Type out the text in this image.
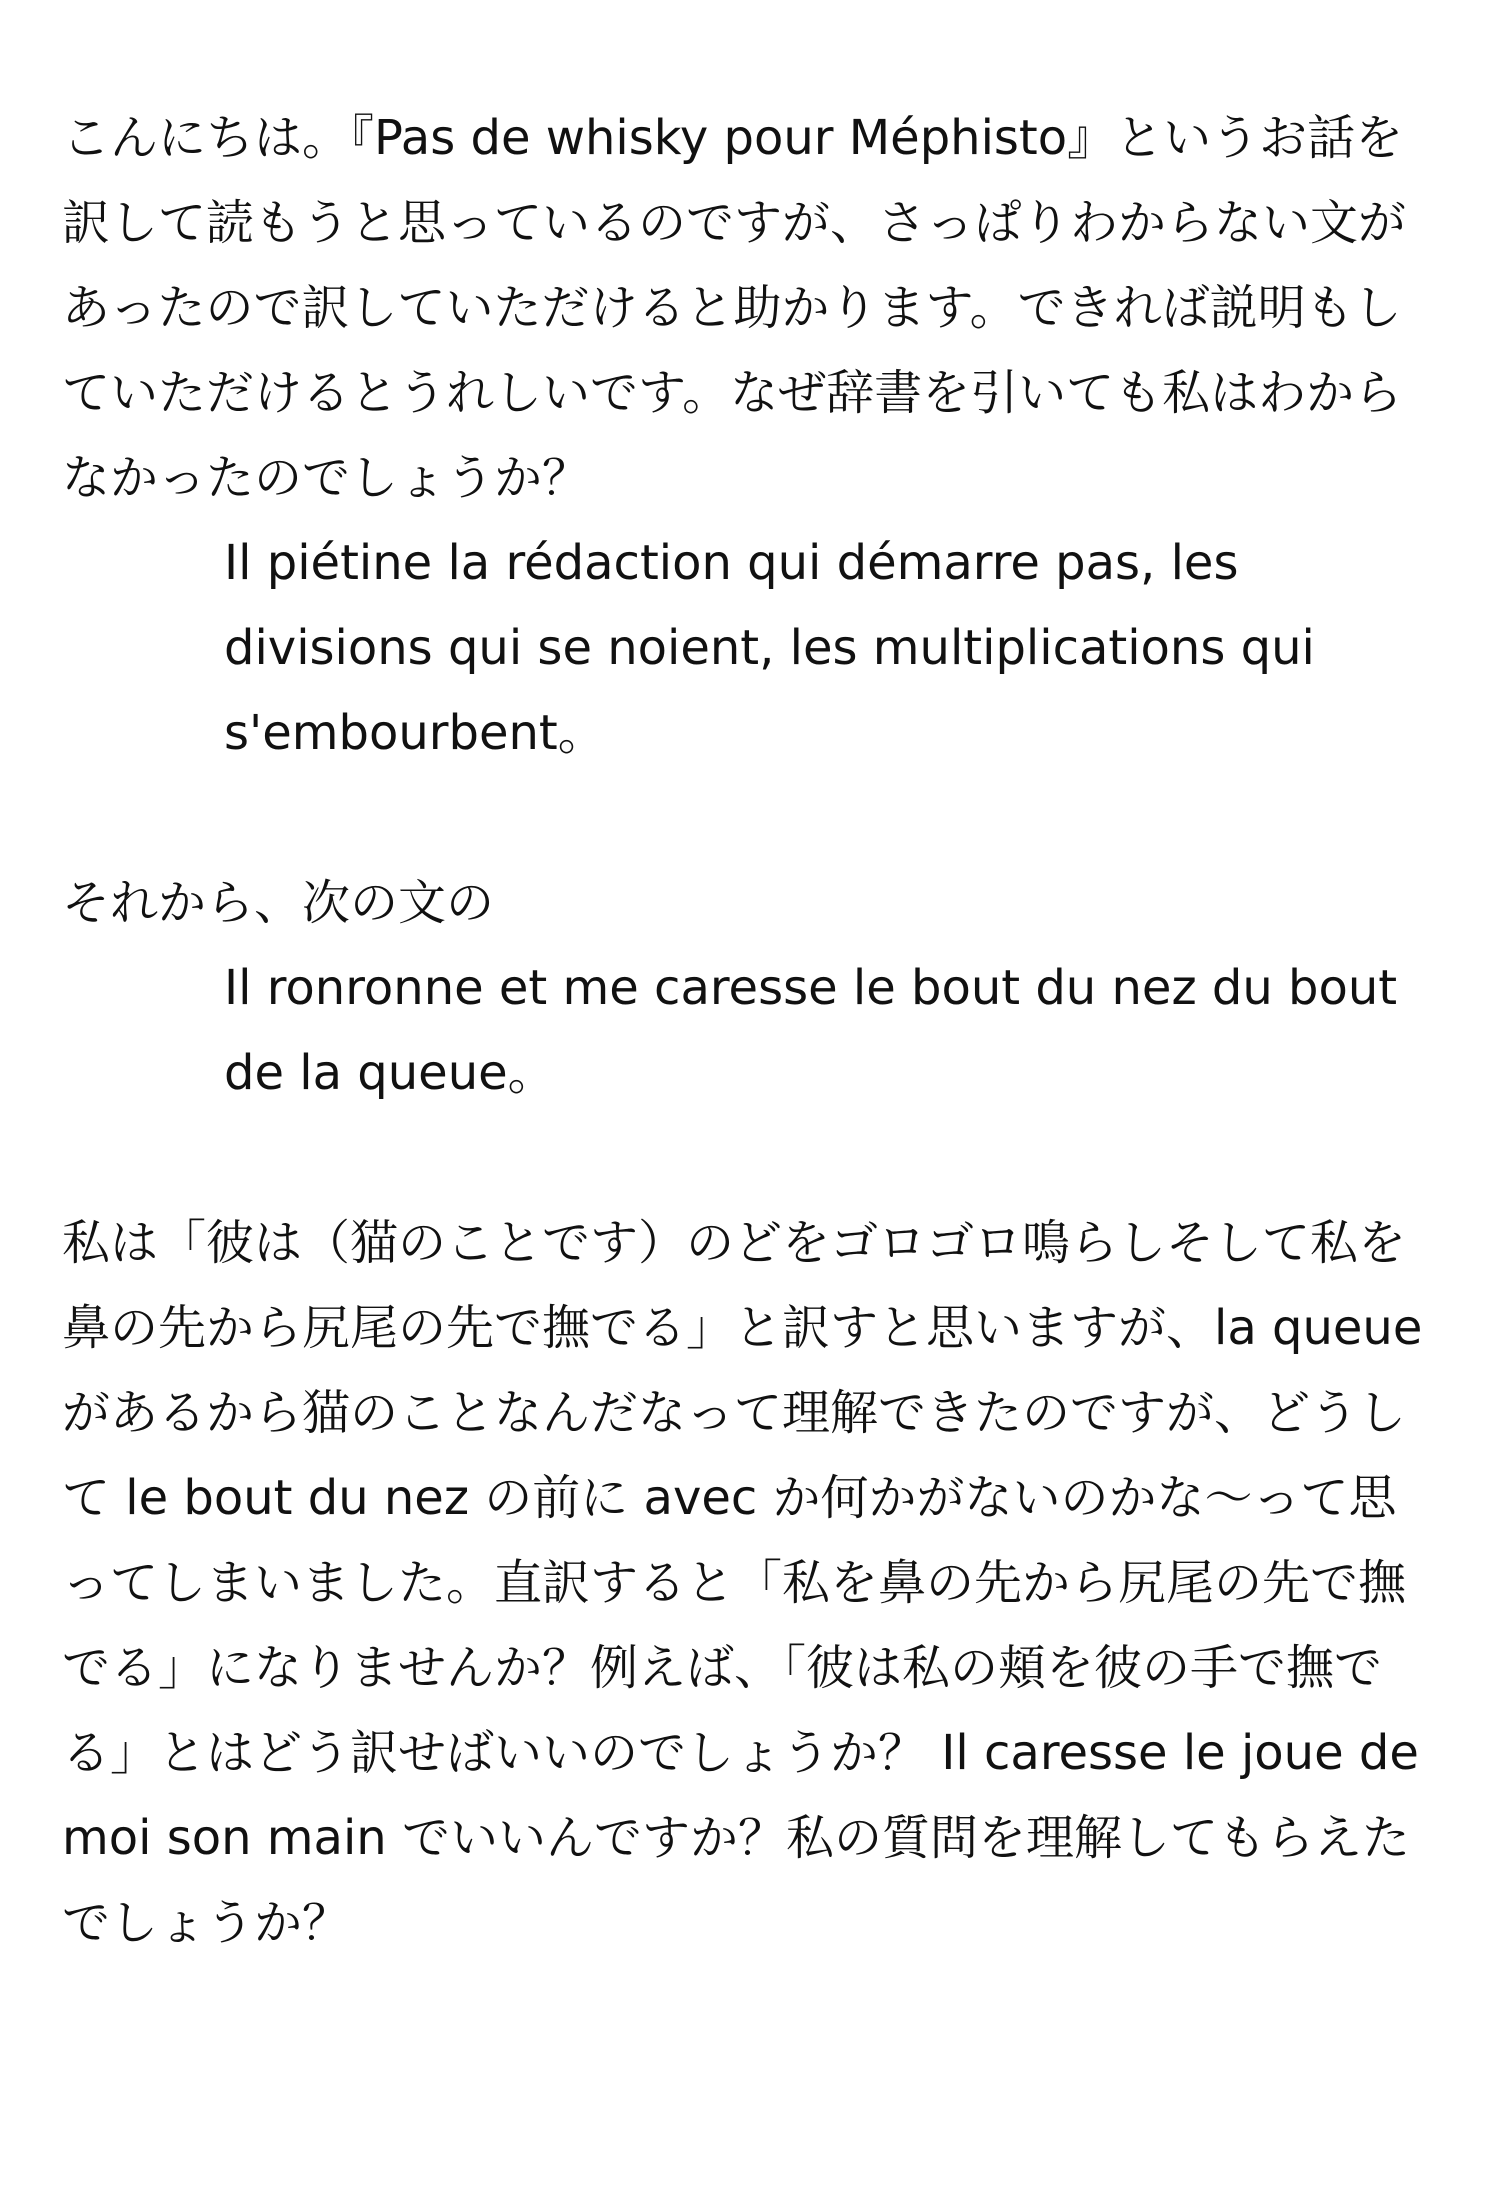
こんにちは。『Pas de whisky pour Méphisto』というお話を訳して読もうと思っているのですが、さっぱりわからない文があったので訳していただけると助かります。できれば説明もしていただけるとうれしいです。なぜ辞書を引いても私はわからなかったのでしょうか？

Il piétine la rédaction qui démarre pas, les divisions qui se noient, les multiplications qui s'embourbent。

それから、次の文の

Il ronronne et me caresse le bout du nez du bout de la queue。

私は「彼は（猫のことです）のどをゴロゴロ鳴らしそして私を鼻の先から尻尾の先で撫でる」と訳すと思いますが、la queue があるから猫のことなんだなって理解できたのですが、どうして le bout du nez の前に avec か何かがないのかな～って思ってしまいました。直訳すると「私を鼻の先から尻尾の先で撫でる」になりませんか？例えば、「彼は私の頬を彼の手で撫でる」とはどう訳せばいいのでしょうか？ Il caresse le joue de moi son main でいいんですか？私の質問を理解してもらえたでしょうか？
